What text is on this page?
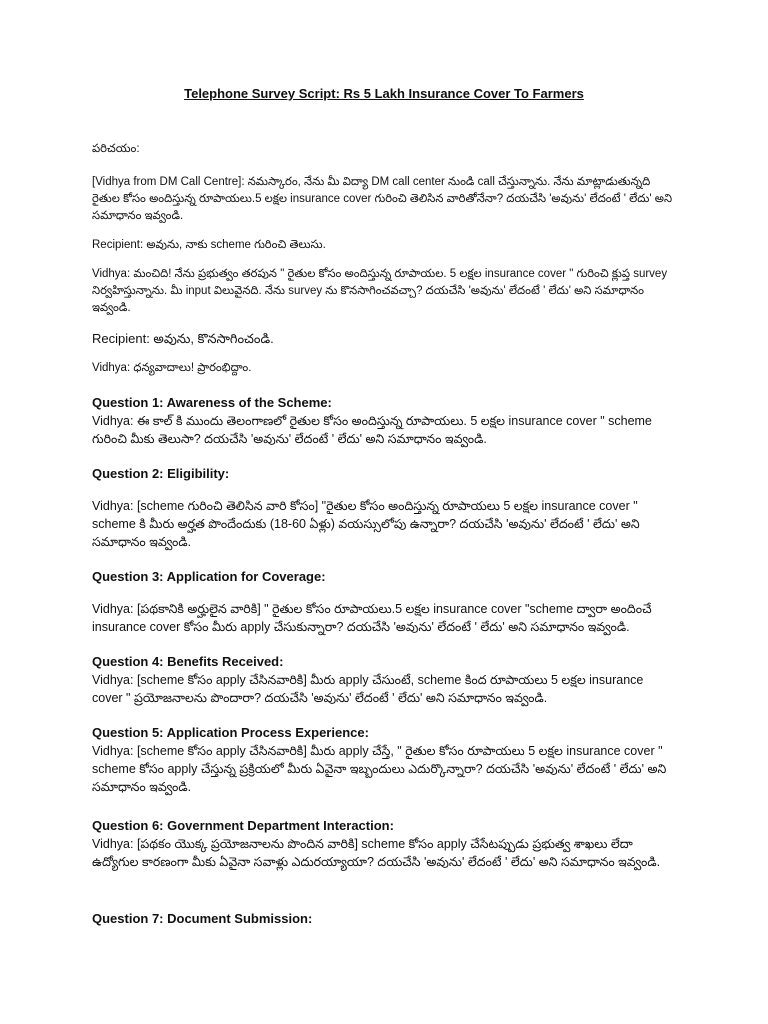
Telephone Survey Script: Rs 5 Lakh Insurance Cover To Farmers

పరిచయం:

[Vidhya from DM Call Centre]: నమస్కారం, నేను మీ విద్యా DM call center నుండి call చేస్తున్నాను. నేను మాట్లాడుతున్నది రైతుల కోసం అందిస్తున్న రూపాయలు.5 లక్షల insurance cover గురించి తెలిసిన వారితోనేనా? దయచేసి 'అవును' లేదంటే ' లేదు' అని సమాధానం ఇవ్వండి.

Recipient: అవును, నాకు scheme గురించి తెలుసు.

Vidhya: మంచిది! నేను ప్రభుత్వం తరపున " రైతుల కోసం అందిస్తున్న రూపాయల. 5 లక్షల insurance cover " గురించి క్లుప్త survey నిర్వహిస్తున్నాను. మీ input విలువైనది. నేను survey ను కొనసాగించవచ్చా? దయచేసి 'అవును' లేదంటే ' లేదు' అని సమాధానం ఇవ్వండి.

Recipient: అవును, కొనసాగించండి.

Vidhya: ధన్యవాదాలు! ప్రారంభిద్దాం.

Question 1: Awareness of the Scheme:

Vidhya: ఈ కాల్ కి ముందు తెలంగాణలో రైతుల కోసం అందిస్తున్న రూపాయలు. 5 లక్షల insurance cover " scheme గురించి మీకు తెలుసా? దయచేసి 'అవును' లేదంటే ' లేదు' అని సమాధానం ఇవ్వండి.

Question 2: Eligibility:

Vidhya: [scheme గురించి తెలిసిన వారి కోసం] "రైతుల కోసం అందిస్తున్న రూపాయలు 5 లక్షల insurance cover " scheme కి మీరు అర్హత పొందేందుకు (18-60 ఏళ్లు) వయస్సులోపు ఉన్నారా? దయచేసి 'అవును' లేదంటే ' లేదు' అని సమాధానం ఇవ్వండి.

Question 3: Application for Coverage:

Vidhya: [పథకానికి అర్హులైన వారికి] " రైతుల కోసం రూపాయలు.5 లక్షల insurance cover "scheme ద్వారా అందించే insurance cover కోసం మీరు apply చేసుకున్నారా? దయచేసి 'అవును' లేదంటే ' లేదు' అని సమాధానం ఇవ్వండి.

Question 4: Benefits Received:

Vidhya: [scheme కోసం apply చేసినవారికి] మీరు apply చేసుంటే, scheme కింద రూపాయలు 5 లక్షల insurance cover " ప్రయోజనాలను పొందారా? దయచేసి 'అవును' లేదంటే ' లేదు' అని సమాధానం ఇవ్వండి.

Question 5: Application Process Experience:

Vidhya: [scheme కోసం apply చేసినవారికి] మీరు apply చేస్తే, " రైతుల కోసం రూపాయలు 5 లక్షల insurance cover " scheme కోసం apply చేస్తున్న ప్రక్రియలో మీరు ఏవైనా ఇబ్బందులు ఎదుర్కొన్నారా? దయచేసి 'అవును' లేదంటే ' లేదు' అని సమాధానం ఇవ్వండి.

Question 6: Government Department Interaction:

Vidhya: [పథకం యొక్క ప్రయోజనాలను పొందిన వారికి] scheme కోసం apply చేసేటప్పుడు ప్రభుత్వ శాఖలు లేదా ఉద్యోగుల కారణంగా మీకు ఏవైనా సవాళ్లు ఎదురయ్యాయా? దయచేసి 'అవును' లేదంటే ' లేదు' అని సమాధానం ఇవ్వండి.

Question 7: Document Submission:
